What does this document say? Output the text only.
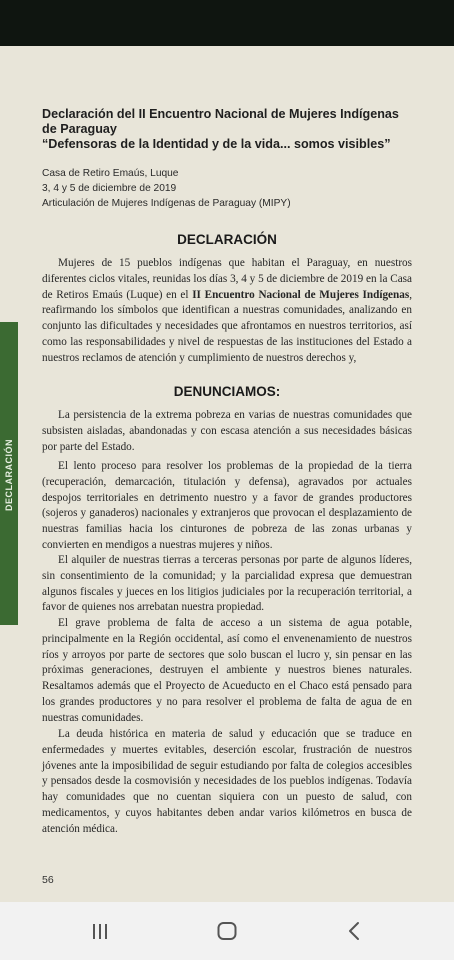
DECLARACIÓN
Declaración del II Encuentro Nacional de Mujeres Indígenas
de Paraguay
“Defensoras de la Identidad y de la vida... somos visibles”
Casa de Retiro Emaús, Luque
3, 4 y 5 de diciembre de 2019
Articulación de Mujeres Indígenas de Paraguay (MIPY)
DECLARACIÓN

Mujeres de 15 pueblos indígenas que habitan el Paraguay, en nuestros diferentes ciclos vitales, reunidas los días 3, 4 y 5 de diciembre de 2019 en la Casa de Retiros Emaús (Luque) en el II Encuentro Nacional de Mujeres Indígenas, reafirmando los símbolos que identifican a nuestras comunidades, analizando en conjunto las dificultades y necesidades que afrontamos en nuestros territorios, así como las responsabilidades y nivel de respuestas de las instituciones del Estado a nuestros reclamos de atención y cumplimiento de nuestros derechos y,

DENUNCIAMOS:

La persistencia de la extrema pobreza en varias de nuestras comunidades que subsisten aisladas, abandonadas y con escasa atención a sus necesidades básicas por parte del Estado.

El lento proceso para resolver los problemas de la propiedad de la tierra (recuperación, demarcación, titulación y defensa), agravados por actuales despojos territoriales en detrimento nuestro y a favor de grandes productores (sojeros y ganaderos) nacionales y extranjeros que provocan el desplazamiento de nuestras familias hacia los cinturones de pobreza de las zonas urbanas y convierten en mendigos a nuestras mujeres y niños.

El alquiler de nuestras tierras a terceras personas por parte de algunos líderes, sin consentimiento de la comunidad; y la parcialidad expresa que demuestran algunos fiscales y jueces en los litigios judiciales por la recuperación territorial, a favor de quienes nos arrebatan nuestra propiedad.

El grave problema de falta de acceso a un sistema de agua potable, principalmente en la Región occidental, así como el envenenamiento de nuestros ríos y arroyos por parte de sectores que solo buscan el lucro y, sin pensar en las próximas generaciones, destruyen el ambiente y nuestros bienes naturales. Resaltamos además que el Proyecto de Acueducto en el Chaco está pensado para los grandes productores y no para resolver el problema de falta de agua de en nuestras comunidades.

La deuda histórica en materia de salud y educación que se traduce en enfermedades y muertes evitables, deserción escolar, frustración de nuestros jóvenes ante la imposibilidad de seguir estudiando por falta de colegios accesibles y pensados desde la cosmovisión y necesidades de los pueblos indígenas. Todavía hay comunidades que no cuentan siquiera con un puesto de salud, con medicamentos, y cuyos habitantes deben andar varios kilómetros en busca de atención médica.

56
